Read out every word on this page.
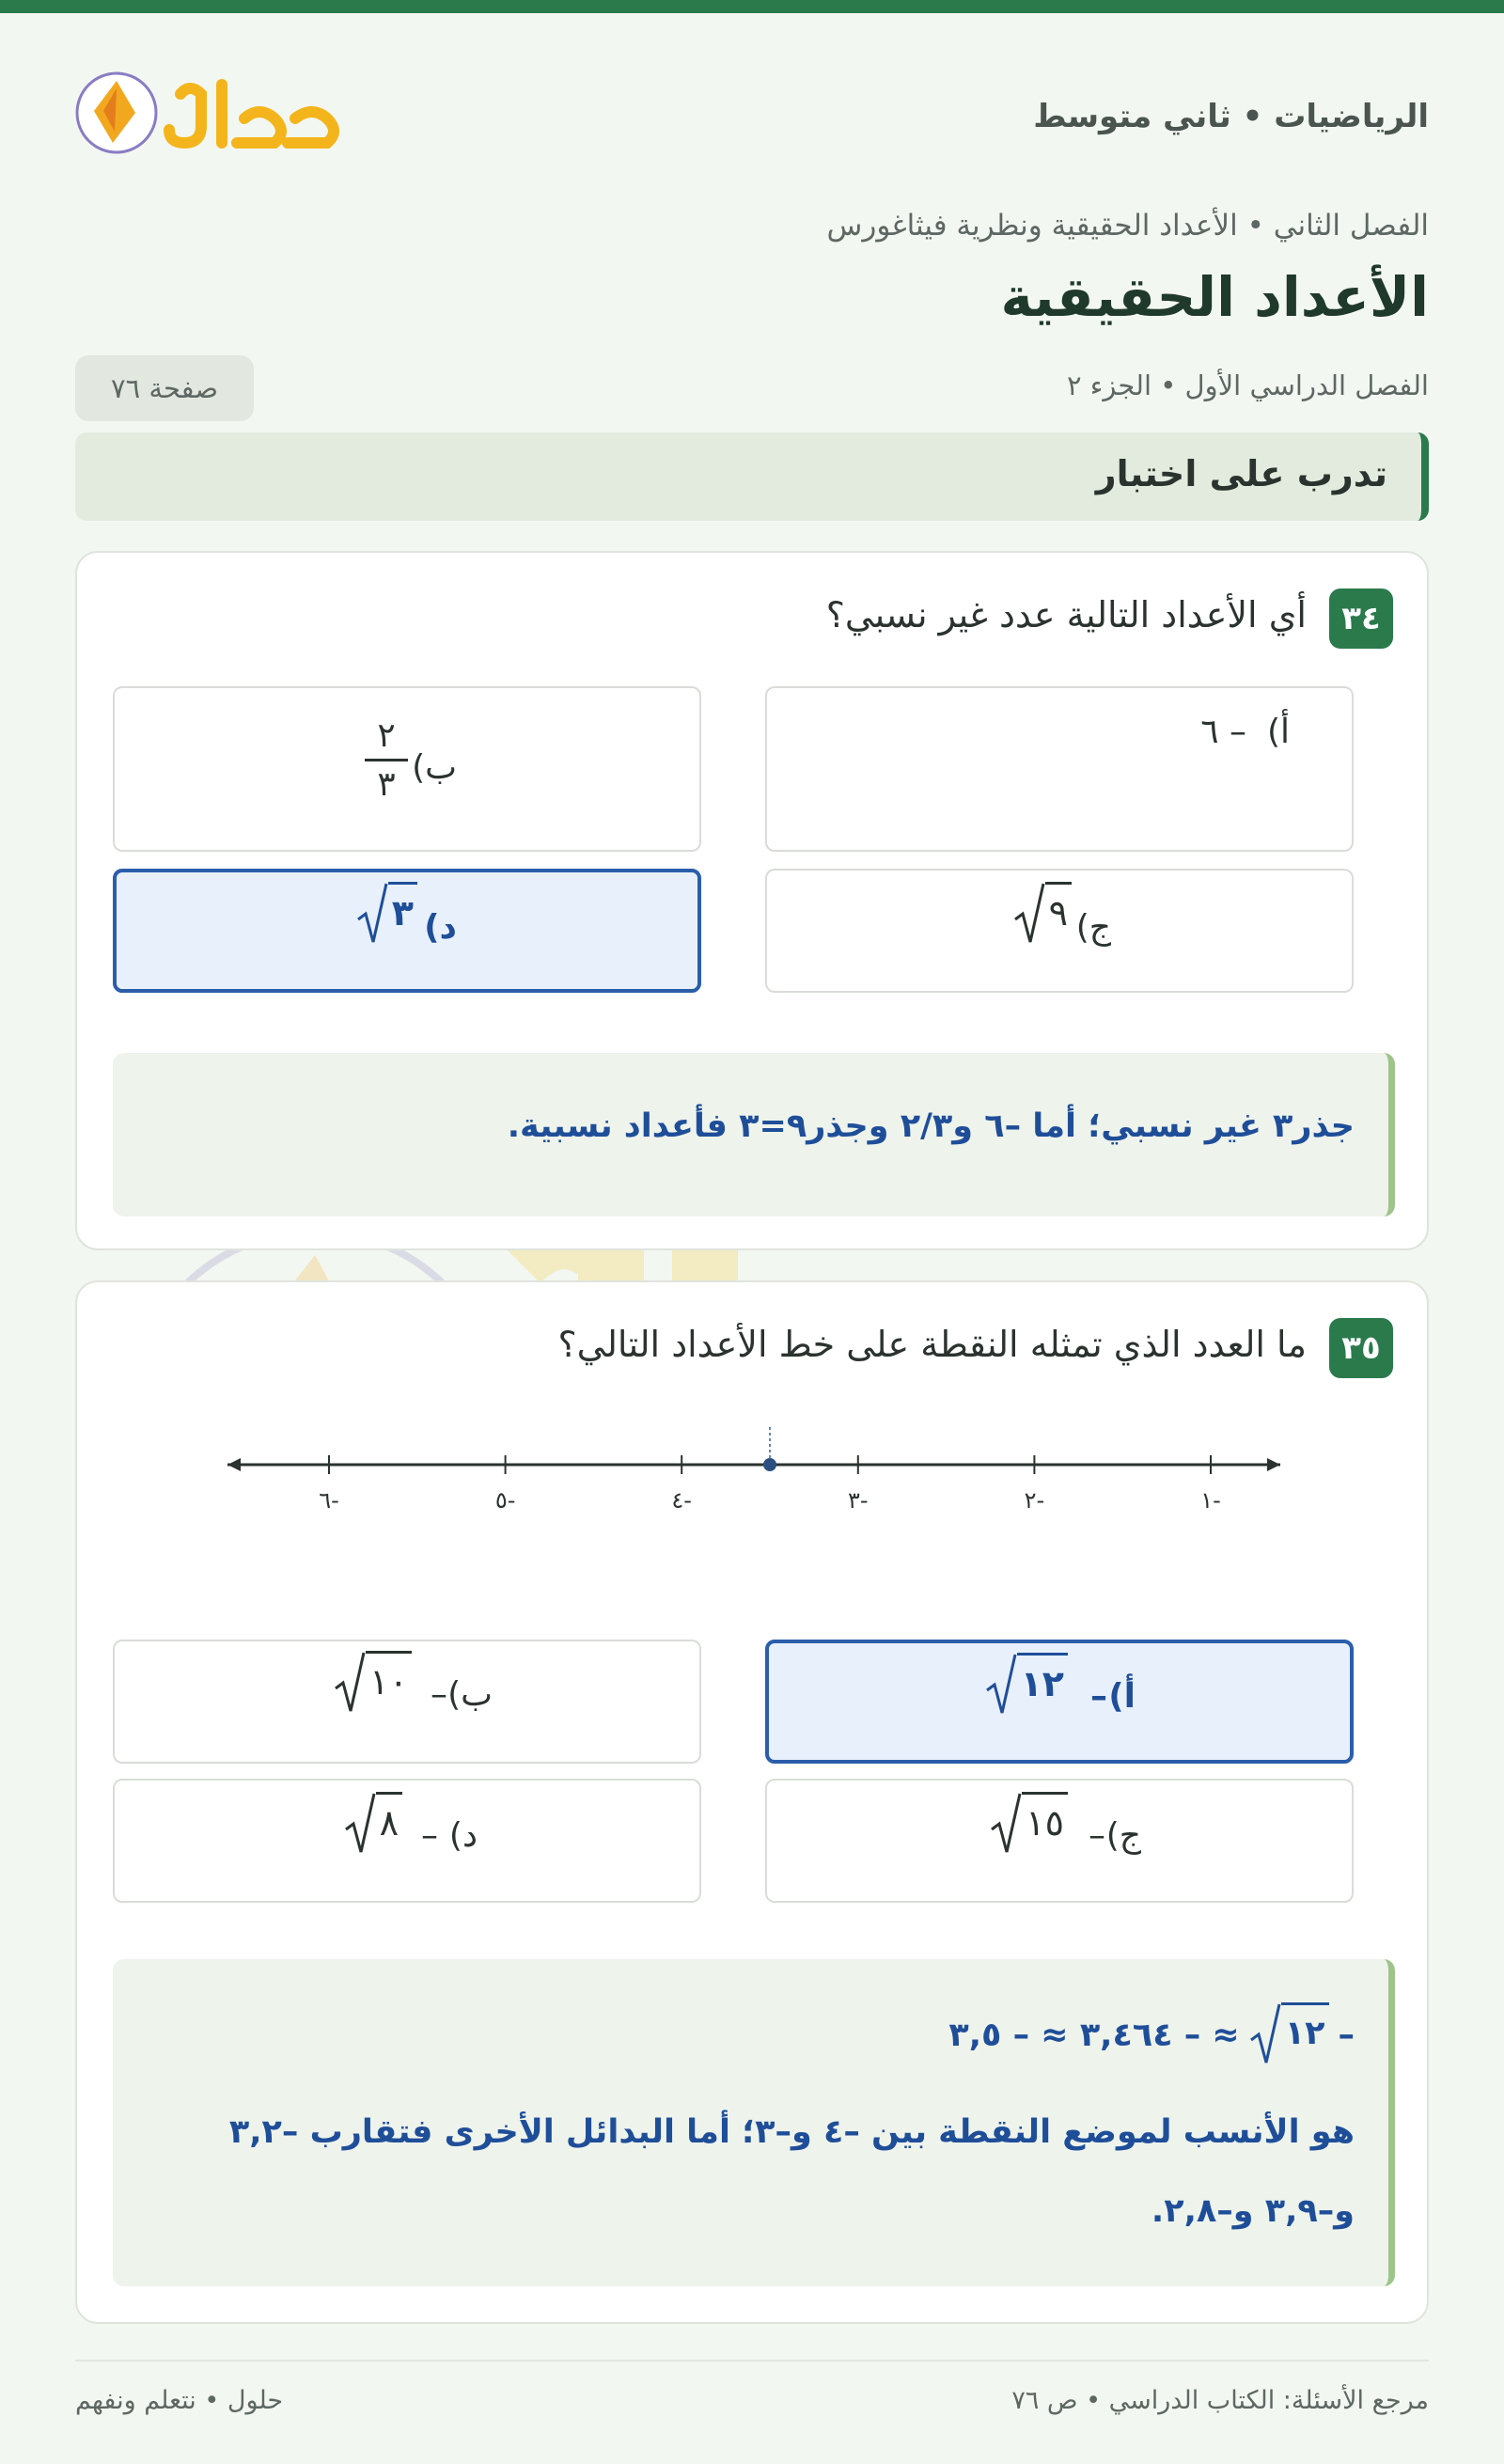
الرياضيات • ثاني متوسط
الفصل الثاني • الأعداد الحقيقية ونظرية فيثاغورس
الأعداد الحقيقية
الفصل الدراسي الأول • الجزء ٢
صفحة ٧٦
تدرب على اختبار
٣٤
أي الأعداد التالية عدد غير نسبي؟
أ)
– ٦
ب)
٢
٣
ج)
٩
د)
٣
جذر٣ غير نسبي؛ أما –٦ و٢/٣ وجذر٩=٣ فأعداد نسبية.
٣٥
ما العدد الذي تمثله النقطة على خط الأعداد التالي؟
-٦	-٥	-٤	-٣	-٢	-١
أ)
–
١٢
ب)
–
١٠
ج)
–
١٥
د)
–
٨
–
١٢
≈ – ٣,٤٦٤ ≈ – ٣,٥
هو الأنسب لموضع النقطة بين –٤ و–٣؛ أما البدائل الأخرى فتقارب –٣,٢
و–٣,٩ و–٢,٨.
مرجع الأسئلة: الكتاب الدراسي • ص ٧٦
حلول • نتعلم ونفهم
